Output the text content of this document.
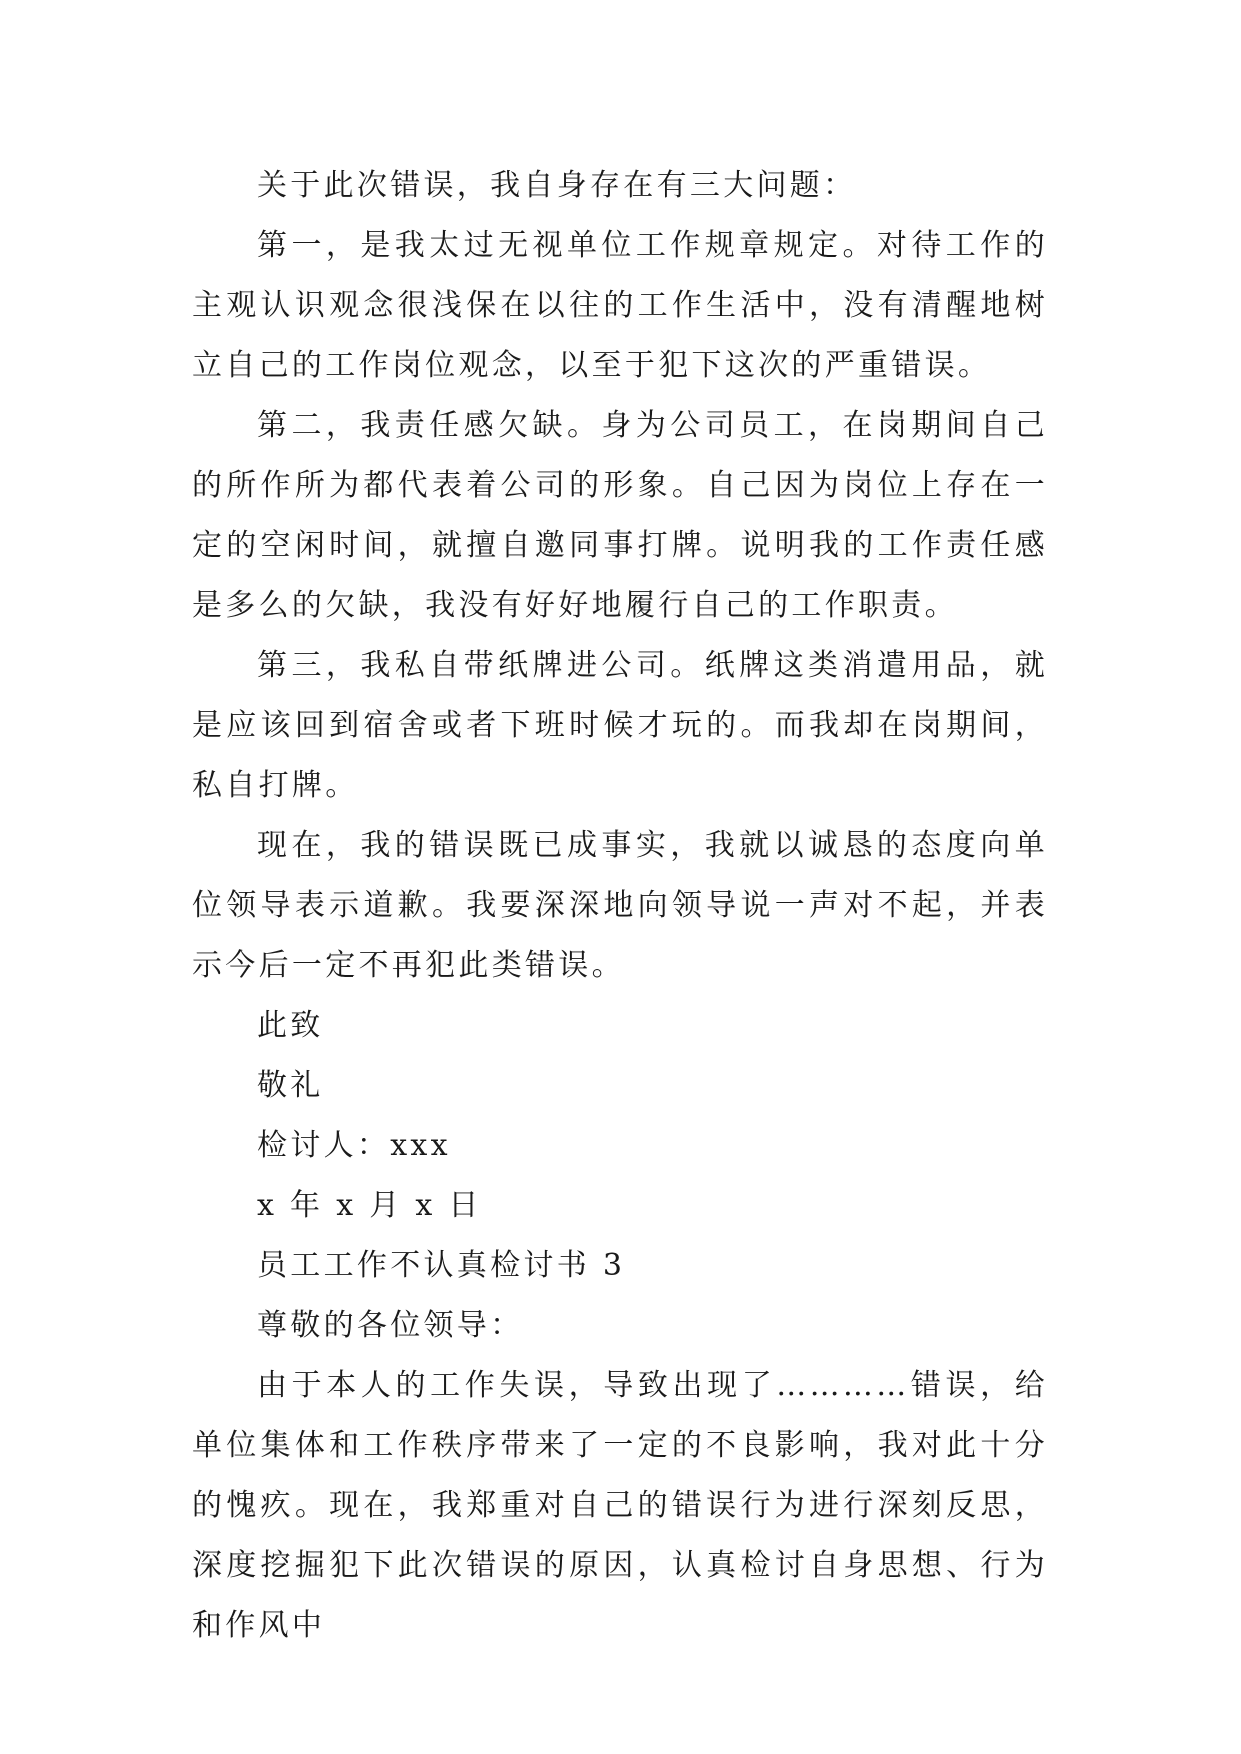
关于此次错误，我自身存在有三大问题：

第一，是我太过无视单位工作规章规定。对待工作的主观认识观念很浅保在以往的工作生活中，没有清醒地树立自己的工作岗位观念，以至于犯下这次的严重错误。

第二，我责任感欠缺。身为公司员工，在岗期间自己的所作所为都代表着公司的形象。自己因为岗位上存在一定的空闲时间，就擅自邀同事打牌。说明我的工作责任感是多么的欠缺，我没有好好地履行自己的工作职责。

第三，我私自带纸牌进公司。纸牌这类消遣用品，就是应该回到宿舍或者下班时候才玩的。而我却在岗期间，私自打牌。

现在，我的错误既已成事实，我就以诚恳的态度向单位领导表示道歉。我要深深地向领导说一声对不起，并表示今后一定不再犯此类错误。

此致

敬礼

检讨人：xxx

x 年 x 月 x 日

员工工作不认真检讨书 3

尊敬的各位领导：

由于本人的工作失误，导致出现了…………错误，给单位集体和工作秩序带来了一定的不良影响，我对此十分的愧疚。现在，我郑重对自己的错误行为进行深刻反思，深度挖掘犯下此次错误的原因，认真检讨自身思想、行为和作风中
